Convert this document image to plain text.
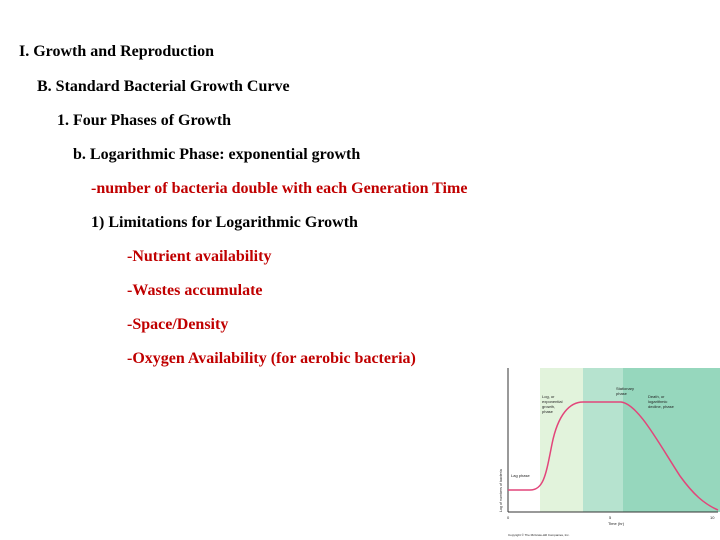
I. Growth and Reproduction
B. Standard Bacterial Growth Curve
1. Four Phases of Growth
b. Logarithmic Phase: exponential growth
-number of bacteria double with each Generation Time
1) Limitations for Logarithmic Growth
-Nutrient availability
-Wastes accumulate
-Space/Density
-Oxygen Availability (for aerobic bacteria)
Lag phase
Log, or exponential growth, phase
Stationary phase
Death, or logarithmic decline, phase
Log of numbers of bacteria
Time (hr)
0	5	10
Copyright © The McGraw-Hill Companies, Inc.
